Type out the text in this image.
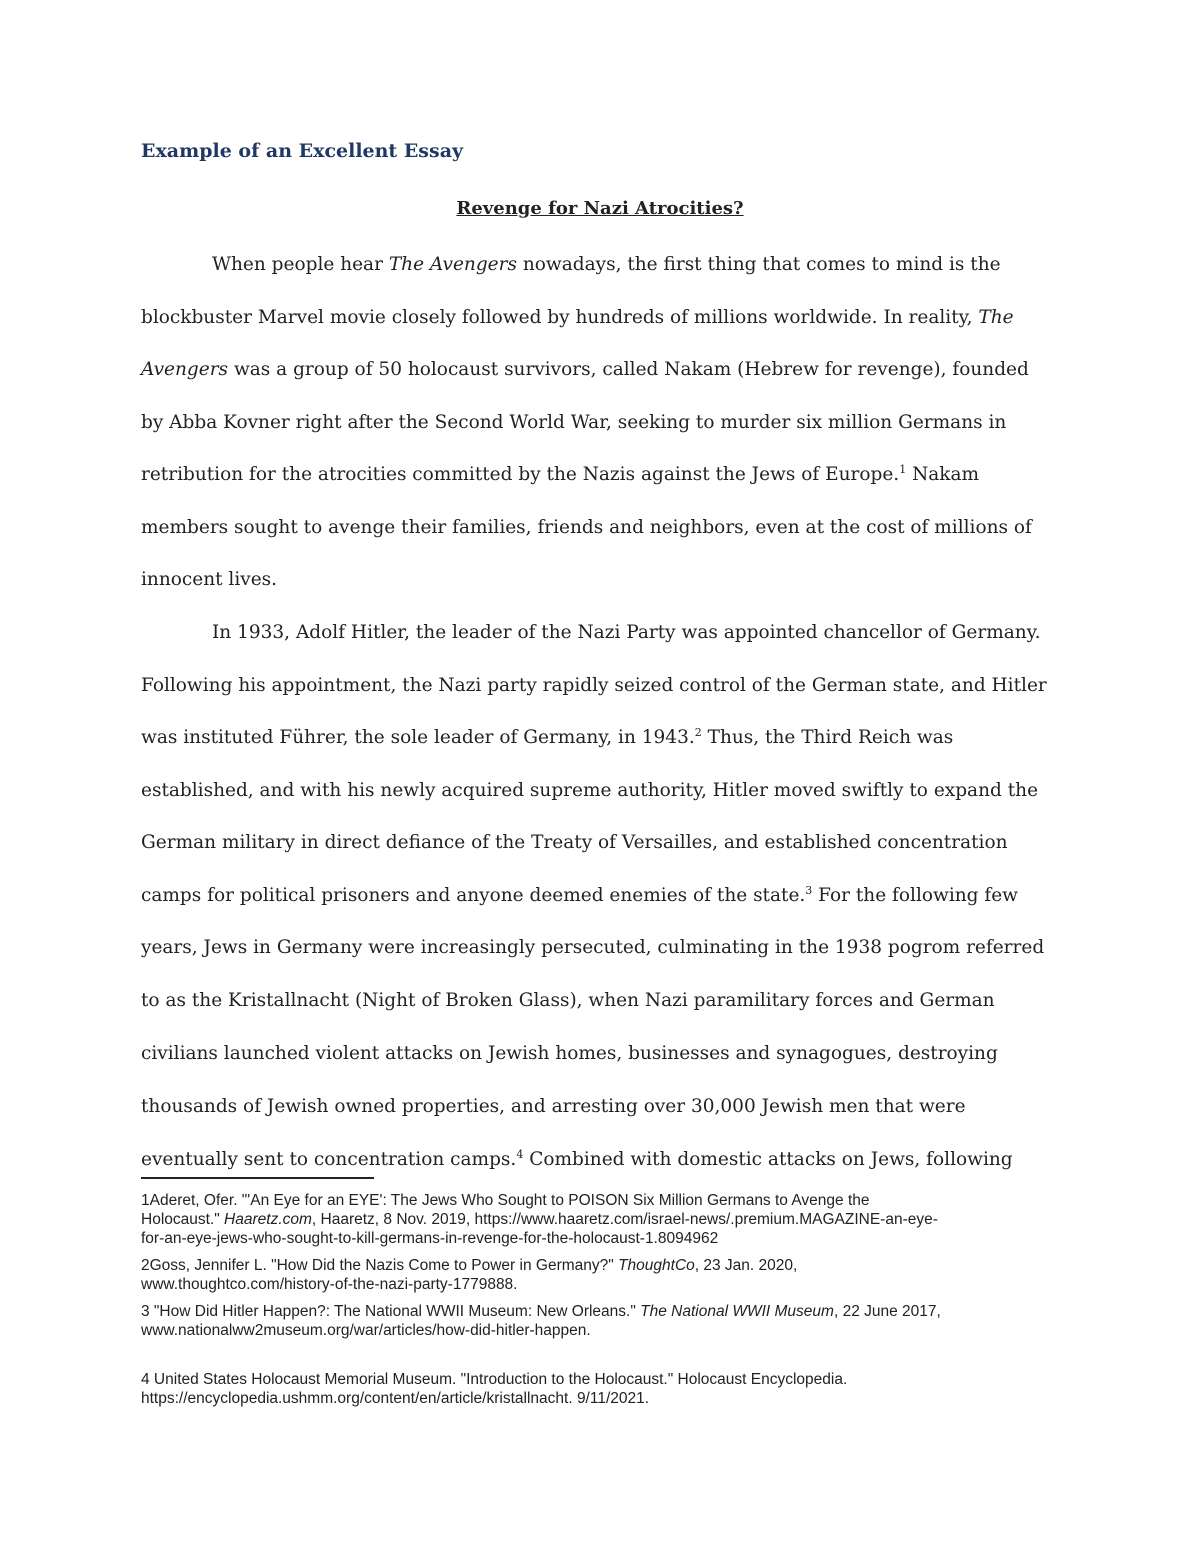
Example of an Excellent Essay
Revenge for Nazi Atrocities?
When people hear The Avengers nowadays, the first thing that comes to mind is the
blockbuster Marvel movie closely followed by hundreds of millions worldwide. In reality, The
Avengers was a group of 50 holocaust survivors, called Nakam (Hebrew for revenge), founded
by Abba Kovner right after the Second World War, seeking to murder six million Germans in
retribution for the atrocities committed by the Nazis against the Jews of Europe.$^1$ Nakam
members sought to avenge their families, friends and neighbors, even at the cost of millions of
innocent lives.
In 1933, Adolf Hitler, the leader of the Nazi Party was appointed chancellor of Germany.
Following his appointment, the Nazi party rapidly seized control of the German state, and Hitler
was instituted Führer, the sole leader of Germany, in 1943.$^2$ Thus, the Third Reich was
established, and with his newly acquired supreme authority, Hitler moved swiftly to expand the
German military in direct defiance of the Treaty of Versailles, and established concentration
camps for political prisoners and anyone deemed enemies of the state.$^3$ For the following few
years, Jews in Germany were increasingly persecuted, culminating in the 1938 pogrom referred
to as the Kristallnacht (Night of Broken Glass), when Nazi paramilitary forces and German
civilians launched violent attacks on Jewish homes, businesses and synagogues, destroying
thousands of Jewish owned properties, and arresting over 30,000 Jewish men that were
eventually sent to concentration camps.$^4$ Combined with domestic attacks on Jews, following
1Aderet, Ofer. "'An Eye for an EYE': The Jews Who Sought to POISON Six Million Germans to Avenge the
Holocaust." Haaretz.com, Haaretz, 8 Nov. 2019, https://www.haaretz.com/israel-news/.premium.MAGAZINE-an-eye-
for-an-eye-jews-who-sought-to-kill-germans-in-revenge-for-the-holocaust-1.8094962
2Goss, Jennifer L. "How Did the Nazis Come to Power in Germany?" ThoughtCo, 23 Jan. 2020,
www.thoughtco.com/history-of-the-nazi-party-1779888.
3 "How Did Hitler Happen?: The National WWII Museum: New Orleans." The National WWII Museum, 22 June 2017,
www.nationalww2museum.org/war/articles/how-did-hitler-happen.
4 United States Holocaust Memorial Museum. "Introduction to the Holocaust." Holocaust Encyclopedia.
https://encyclopedia.ushmm.org/content/en/article/kristallnacht. 9/11/2021.
